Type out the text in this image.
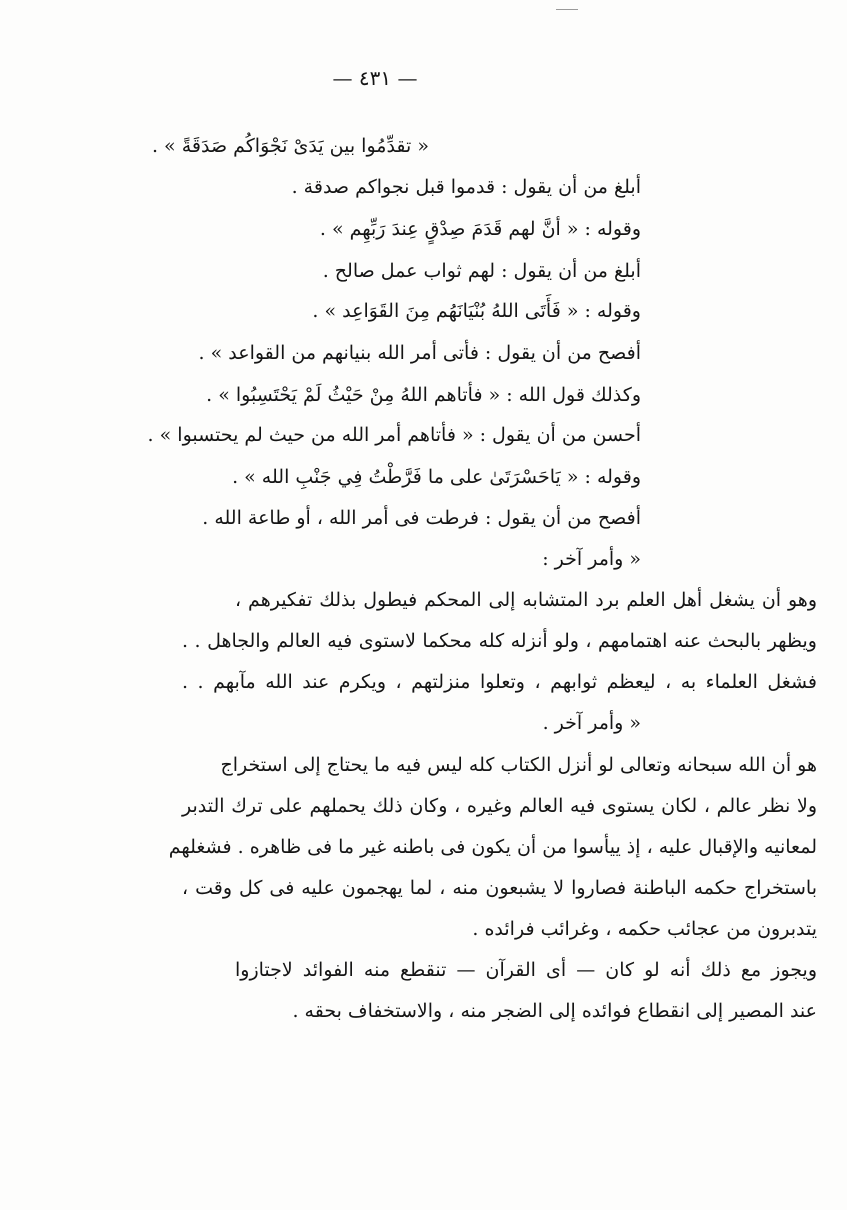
— ٤٣١ —
« تقدِّمُوا بين يَدَىْ نَجْوَاكُم صَدَقَةً » .
أبلغ من أن يقول : قدموا قبل نجواكم صدقة .
وقوله : « أنَّ لهم قَدَمَ صِدْقٍ عِندَ رَبِّهِم » .
أبلغ من أن يقول : لهم ثواب عمل صالح .
وقوله : « فَأَتَى اللهُ بُنْيَانَهُم مِنَ القَوَاعِد » .
أفصح من أن يقول : فأتى أمر الله بنيانهم من القواعد » .
وكذلك قول الله : « فأتاهم اللهُ مِنْ حَيْثُ لَمْ يَحْتَسِبُوا » .
أحسن من أن يقول : « فأتاهم أمر الله من حيث لم يحتسبوا » .
وقوله : « يَاحَسْرَتَىٰ على ما فَرَّطْتُ فِي جَنْبِ الله » .
أفصح من أن يقول : فرطت فى أمر الله ، أو طاعة الله .
« وأمر آخر :
وهو أن يشغل أهل العلم برد المتشابه إلى المحكم فيطول بذلك تفكيرهم ،
ويظهر بالبحث عنه اهتمامهم ، ولو أنزله كله محكما لاستوى فيه العالم والجاهل . .
فشغل العلماء به ، ليعظم ثوابهم ، وتعلوا منزلتهم ، ويكرم عند الله مآبهم . .
« وأمر آخر .
هو أن الله سبحانه وتعالى لو أنزل الكتاب كله ليس فيه ما يحتاج إلى استخراج
ولا نظر عالم ، لكان يستوى فيه العالم وغيره ، وكان ذلك يحملهم على ترك التدبر
لمعانيه والإقبال عليه ، إذ ييأسوا من أن يكون فى باطنه غير ما فى ظاهره . فشغلهم
باستخراج حكمه الباطنة فصاروا لا يشبعون منه ، لما يهجمون عليه فى كل وقت ،
يتدبرون من عجائب حكمه ، وغرائب فرائده .
ويجوز مع ذلك أنه لو كان — أى القرآن — تنقطع منه الفوائد لاجتازوا
عند المصير إلى انقطاع فوائده إلى الضجر منه ، والاستخفاف بحقه .
